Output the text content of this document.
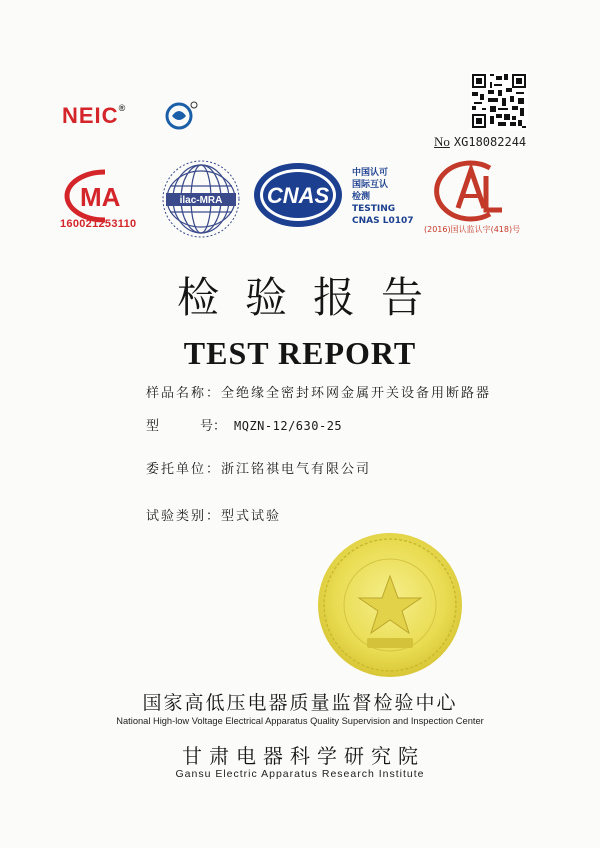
NEIC®
No XG18082244
MA
160021253110
ilac-MRA CNAS
中国认可
国际互认
检测
TESTING
CNAS L0107
(2016)国认监认字(418)号
检验报告
TEST REPORT
样品名称：全绝缘全密封环网金属开关设备用断路器
型	号： MQZN-12/630-25
委托单位：浙江铭祺电气有限公司
试验类别：型式试验
国家高低压电器质量监督检验中心
National High-low Voltage Electrical Apparatus Quality Supervision and Inspection Center
甘肃电器科学研究院
Gansu Electric Apparatus Research Institute
